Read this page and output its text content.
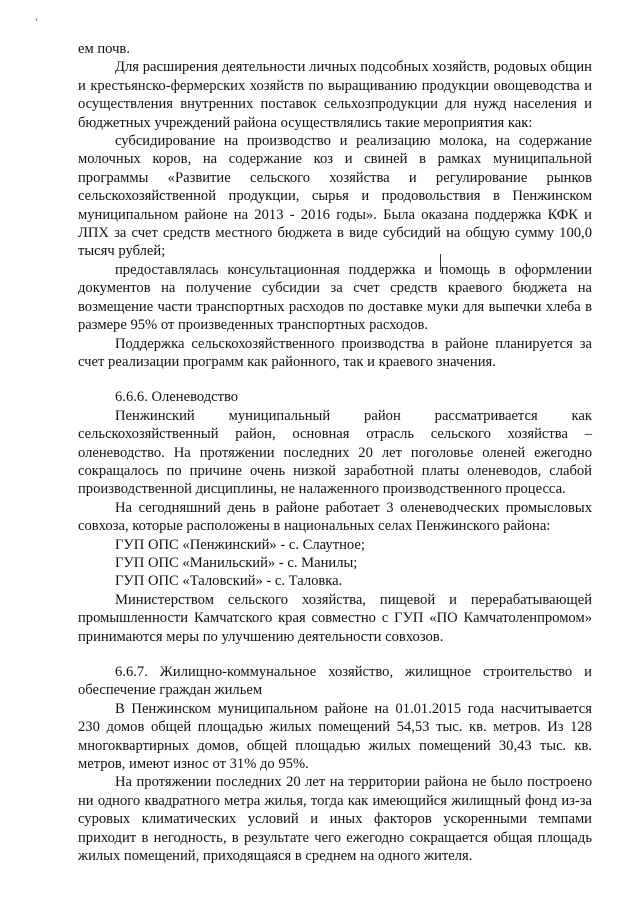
‹

ем почв.

Для расширения деятельности личных подсобных хозяйств, родовых общин и крестьянско-фермерских хозяйств по выращиванию продукции овощеводства и осуществления внутренних поставок сельхозпродукции для нужд населения и бюджетных учреждений района осуществлялись такие мероприятия как:

субсидирование на производство и реализацию молока, на содержание молочных коров, на содержание коз и свиней в рамках муниципальной программы «Развитие сельского хозяйства и регулирование рынков сельскохозяйственной продукции, сырья и продовольствия в Пенжинском муниципальном районе на 2013 - 2016 годы». Была оказана поддержка КФК и ЛПХ за счет средств местного бюджета в виде субсидий на общую сумму 100,0 тысяч рублей;

предоставлялась консультационная поддержка и помощь в оформлении документов на получение субсидии за счет средств краевого бюджета на возмещение части транспортных расходов по доставке муки для выпечки хлеба в размере 95% от произведенных транспортных расходов.

Поддержка сельскохозяйственного производства в районе планируется за счет реализации программ как районного, так и краевого значения.

6.6.6. Оленеводство

Пенжинский муниципальный район рассматривается как сельскохозяйственный район, основная отрасль сельского хозяйства – оленеводство. На протяжении последних 20 лет поголовье оленей ежегодно сокращалось по причине очень низкой заработной платы оленеводов, слабой производственной дисциплины, не налаженного производственного процесса.

На сегодняшний день в районе работает 3 оленеводческих промысловых совхоза, которые расположены в национальных селах Пенжинского района:

ГУП ОПС «Пенжинский» - с. Слаутное;

ГУП ОПС «Манильский» - с. Манилы;

ГУП ОПС «Таловский» - с. Таловка.

Министерством сельского хозяйства, пищевой и перерабатывающей промышленности Камчатского края совместно с ГУП «ПО Камчатоленпромом» принимаются меры по улучшению деятельности совхозов.

6.6.7. Жилищно-коммунальное хозяйство, жилищное строительство и обеспечение граждан жильем

В Пенжинском муниципальном районе на 01.01.2015 года насчитывается 230 домов общей площадью жилых помещений 54,53 тыс. кв. метров. Из 128 многоквартирных домов, общей площадью жилых помещений 30,43 тыс. кв. метров, имеют износ от 31% до 95%.

На протяжении последних 20 лет на территории района не было построено ни одного квадратного метра жилья, тогда как имеющийся жилищный фонд из-за суровых климатических условий и иных факторов ускоренными темпами приходит в негодность, в результате чего ежегодно сокращается общая площадь жилых помещений, приходящаяся в среднем на одного жителя.
